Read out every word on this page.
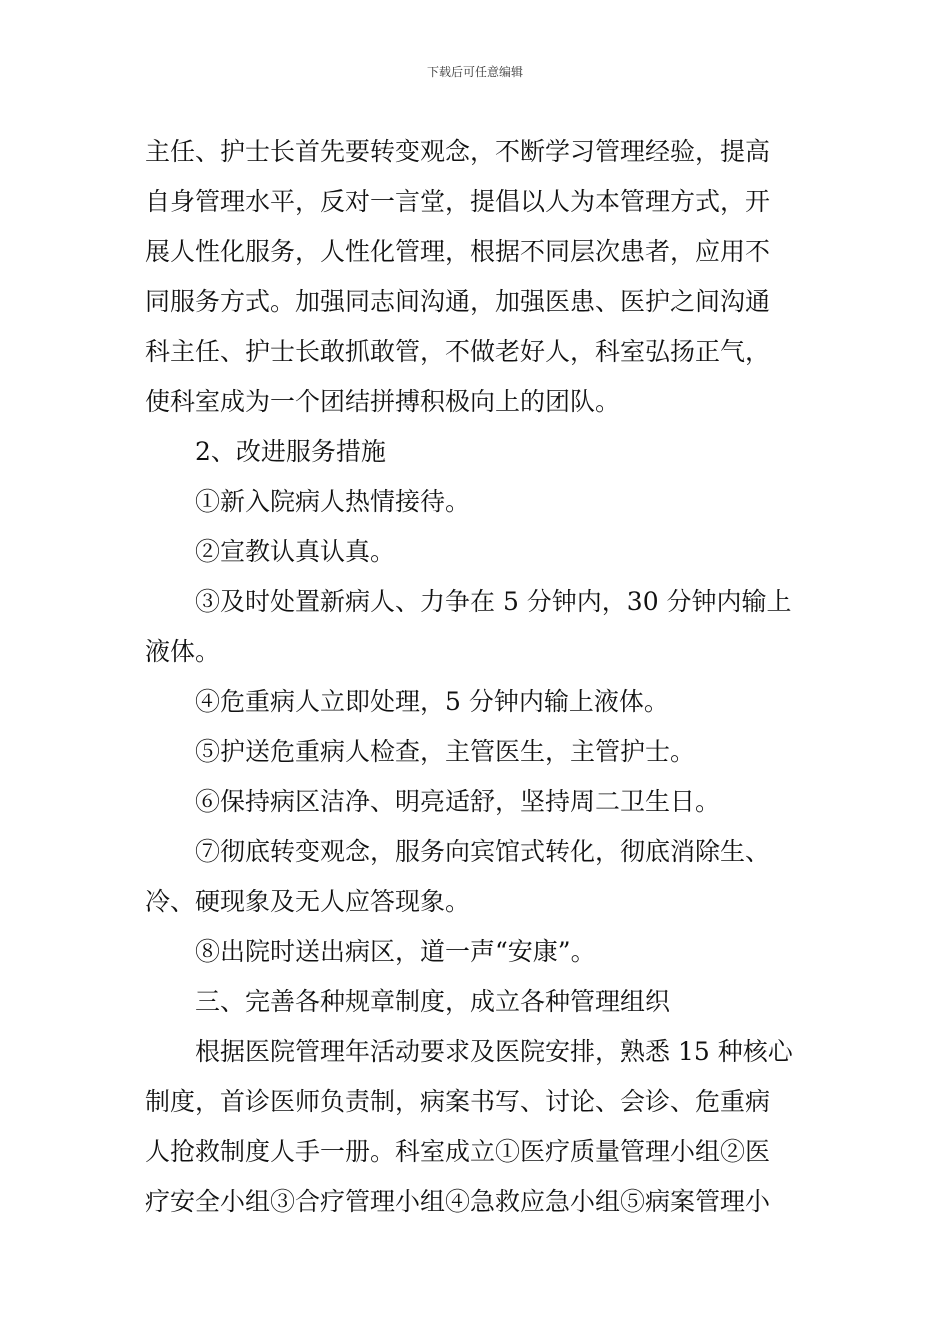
下载后可任意编辑
主任、护士长首先要转变观念，不断学习管理经验，提高
自身管理水平，反对一言堂，提倡以人为本管理方式，开
展人性化服务，人性化管理，根据不同层次患者，应用不
同服务方式。加强同志间沟通，加强医患、医护之间沟通
科主任、护士长敢抓敢管，不做老好人，科室弘扬正气，
使科室成为一个团结拼搏积极向上的团队。
2、改进服务措施
①新入院病人热情接待。
②宣教认真认真。
③及时处置新病人、力争在 5 分钟内，30 分钟内输上
液体。
④危重病人立即处理，5 分钟内输上液体。
⑤护送危重病人检查，主管医生，主管护士。
⑥保持病区洁净、明亮适舒，坚持周二卫生日。
⑦彻底转变观念，服务向宾馆式转化，彻底消除生、
冷、硬现象及无人应答现象。
⑧出院时送出病区，道一声“安康”。
三、完善各种规章制度，成立各种管理组织
根据医院管理年活动要求及医院安排，熟悉 15 种核心
制度，首诊医师负责制，病案书写、讨论、会诊、危重病
人抢救制度人手一册。科室成立①医疗质量管理小组②医
疗安全小组③合疗管理小组④急救应急小组⑤病案管理小
